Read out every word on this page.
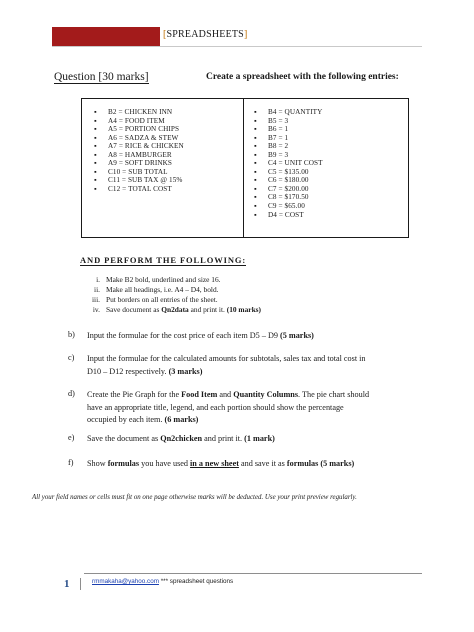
[SPREADSHEETS]
Question [30 marks]	Create a spreadsheet with the following entries:
▪ B2 = CHICKEN INN
▪ A4 = FOOD ITEM
▪ A5 = PORTION CHIPS
▪ A6 = SADZA & STEW
▪ A7 = RICE & CHICKEN
▪ A8 = HAMBURGER
▪ A9 = SOFT DRINKS
▪ C10 = SUB TOTAL
▪ C11 = SUB TAX @ 15%
▪ C12 = TOTAL COST
▪ B4 = QUANTITY
▪ B5 = 3
▪ B6 = 1
▪ B7 = 1
▪ B8 = 2
▪ B9 = 3
▪ C4 = UNIT COST
▪ C5 = $135.00
▪ C6 = $180.00
▪ C7 = $200.00
▪ C8 = $170.50
▪ C9 = $65.00
▪ D4 = COST
AND PERFORM THE FOLLOWING:
i. Make B2 bold, underlined and size 16.
ii. Make all headings, i.e. A4 – D4, bold.
iii. Put borders on all entries of the sheet.
iv. Save document as Qn2data and print it. (10 marks)
b) Input the formulae for the cost price of each item D5 – D9 (5 marks)
c) Input the formulae for the calculated amounts for subtotals, sales tax and total cost in
D10 – D12 respectively. (3 marks)
d) Create the Pie Graph for the Food Item and Quantity Columns. The pie chart should
have an appropriate title, legend, and each portion should show the percentage
occupied by each item. (6 marks)
e) Save the document as Qn2chicken and print it. (1 mark)
f) Show formulas you have used in a new sheet and save it as formulas (5 marks)
All your field names or cells must fit on one page otherwise marks will be deducted. Use your print preview regularly.
1	rmmakaha@yahoo.com *** spreadsheet questions
